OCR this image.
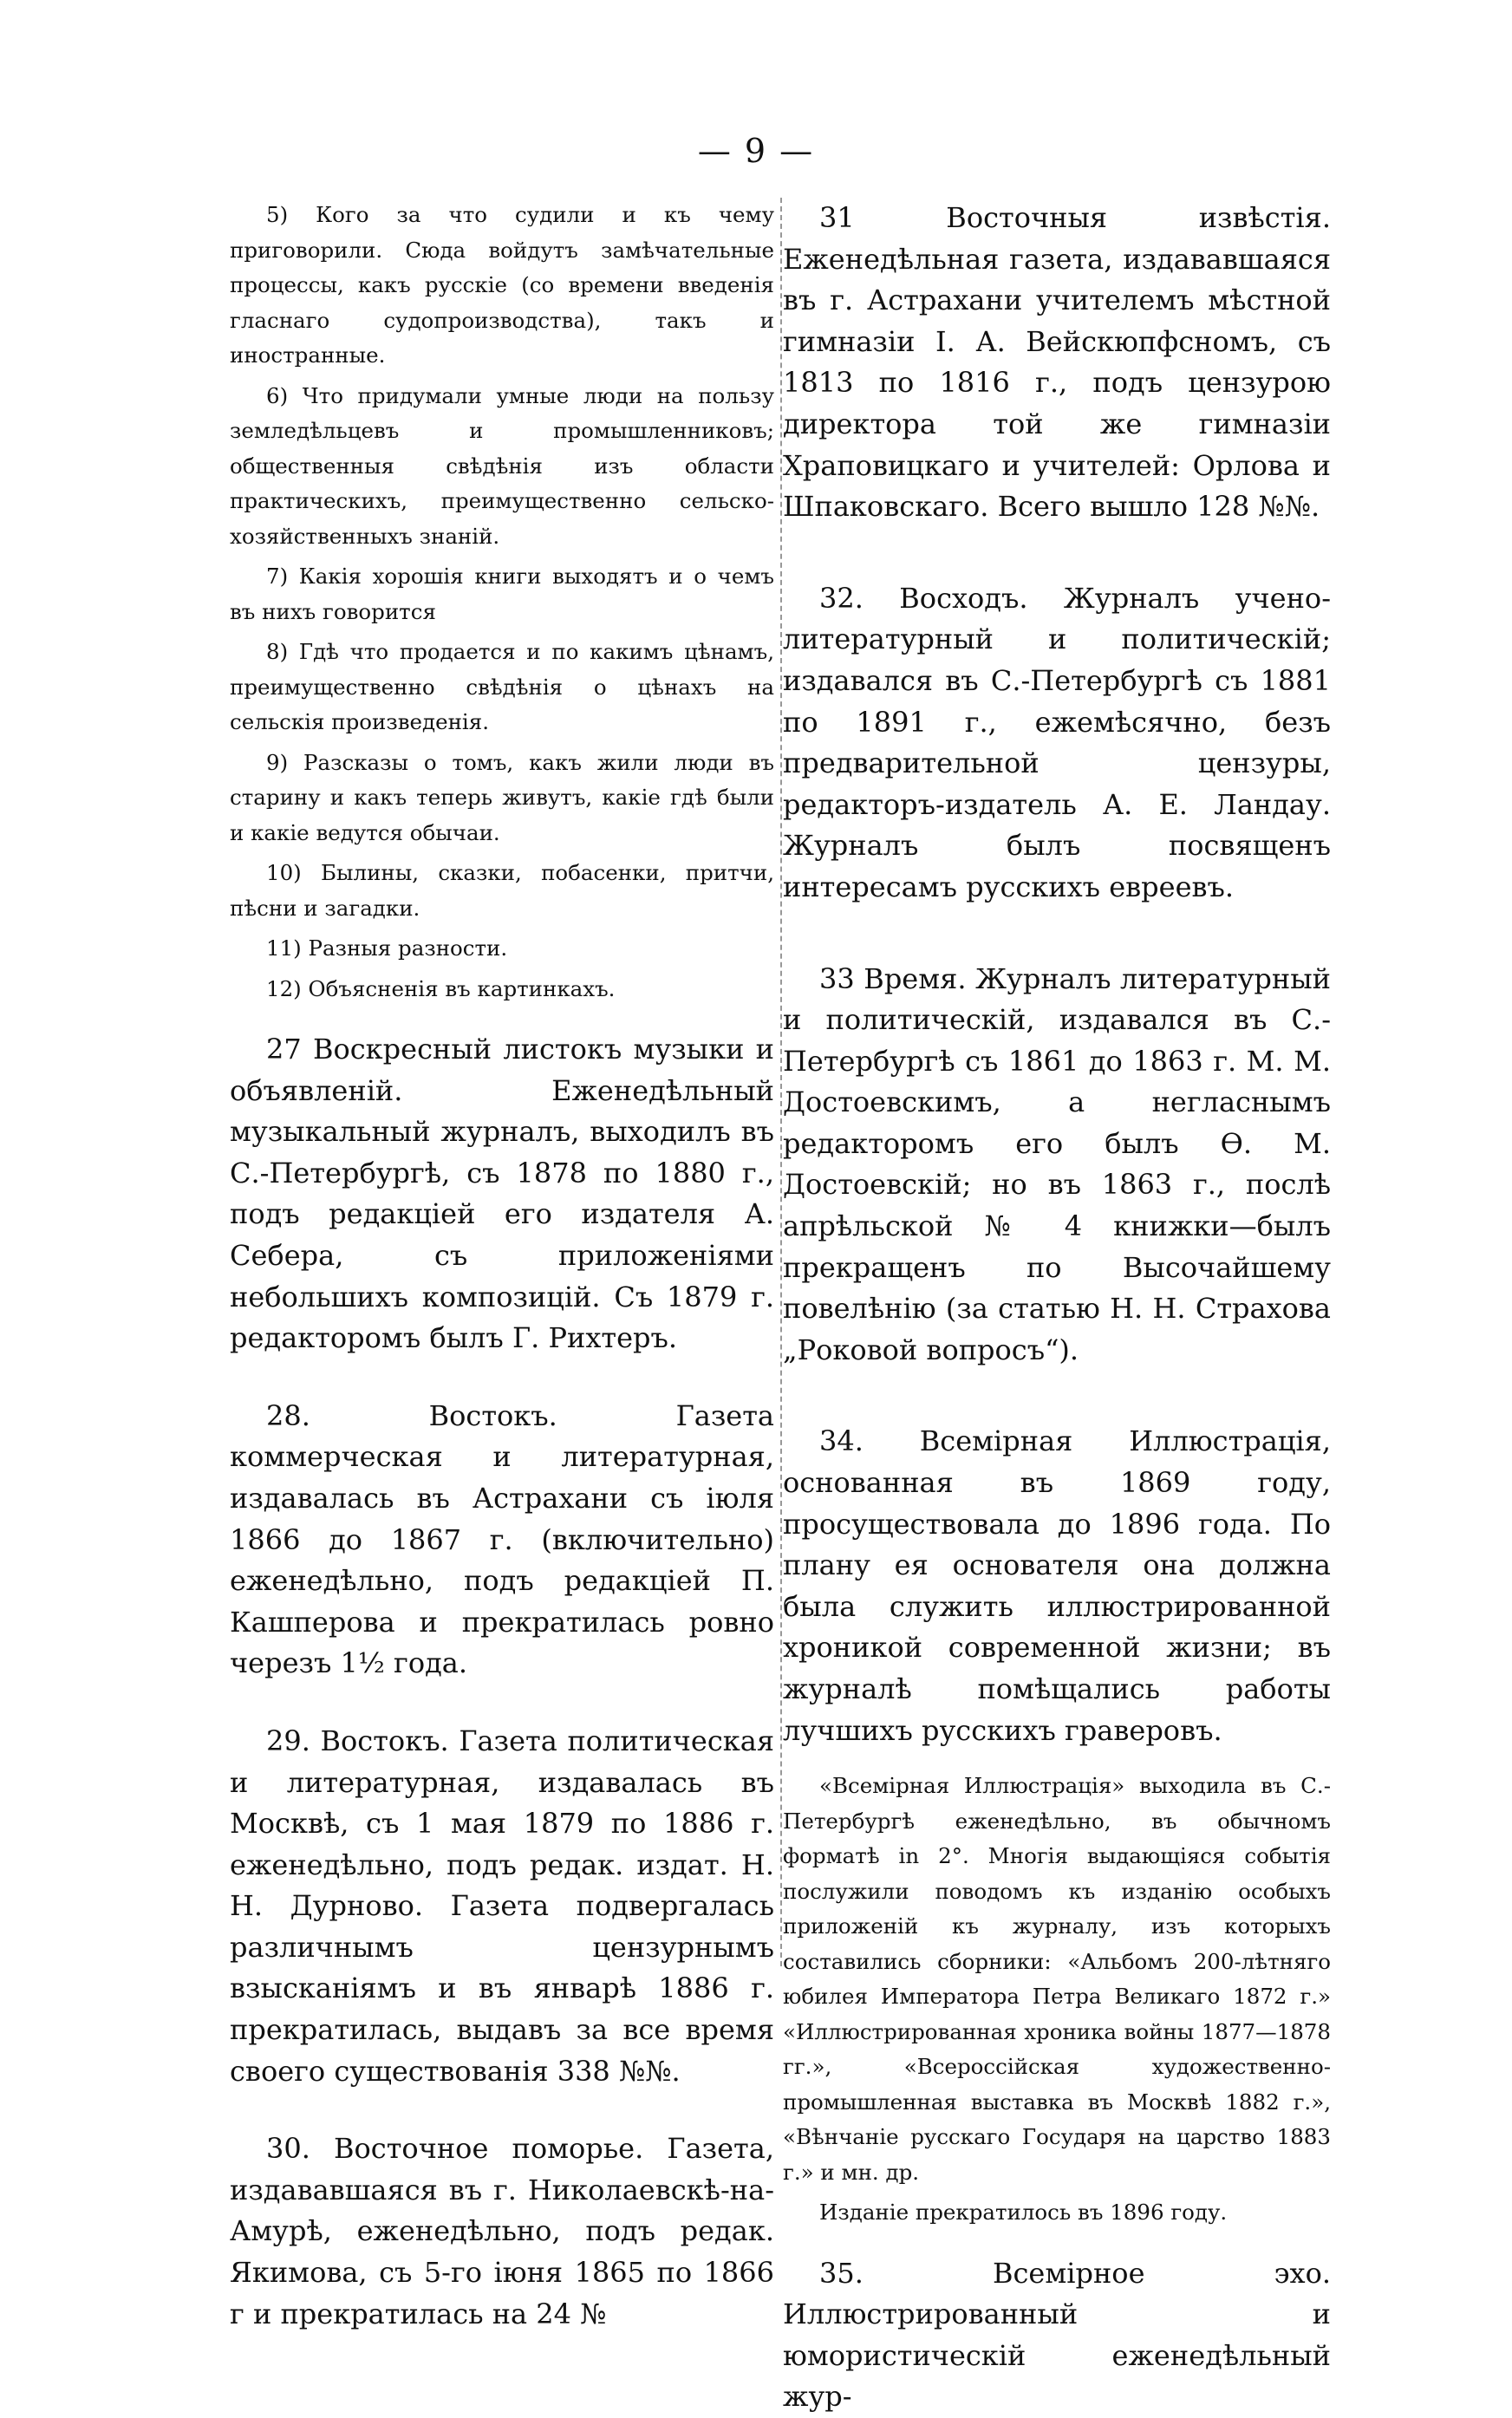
— 9 —

5) Кого за что судили и къ чему приговорили. Сюда войдутъ замѣчательные процессы, какъ русскіе (со времени введенія гласнаго судопроизводства), такъ и иностранные.

6) Что придумали умные люди на пользу земледѣльцевъ и промышленниковъ; общественныя свѣдѣнія изъ области практическихъ, преимущественно сельско-хозяйственныхъ знаній.

7) Какія хорошія книги выходятъ и о чемъ въ нихъ говорится

8) Гдѣ что продается и по какимъ цѣнамъ, преимущественно свѣдѣнія о цѣнахъ на сельскія произведенія.

9) Разсказы о томъ, какъ жили люди въ старину и какъ теперь живутъ, какіе гдѣ были и какіе ведутся обычаи.

10) Былины, сказки, побасенки, притчи, пѣсни и загадки.

11) Разныя разности.

12) Объясненія въ картинкахъ.

27 Воскресный листокъ музыки и объявленій. Еженедѣльный музыкальный журналъ, выходилъ въ С.-Петербургѣ, съ 1878 по 1880 г., подъ редакціей его издателя А. Себера, съ приложеніями небольшихъ композицій. Съ 1879 г. редакторомъ былъ Г. Рихтеръ.

28. Востокъ. Газета коммерческая и литературная, издавалась въ Астрахани съ іюля 1866 до 1867 г. (включительно) еженедѣльно, подъ редакціей П. Кашперова и прекратилась ровно черезъ 1½ года.

29. Востокъ. Газета политическая и литературная, издавалась въ Москвѣ, съ 1 мая 1879 по 1886 г. еженедѣльно, подъ редак. издат. Н. Н. Дурново. Газета подвергалась различнымъ цензурнымъ взысканіямъ и въ январѣ 1886 г. прекратилась, выдавъ за все время своего существованія 338 №№.

30. Восточное поморье. Газета, издававшаяся въ г. Николаевскѣ-на-Амурѣ, еженедѣльно, подъ редак. Якимова, съ 5-го іюня 1865 по 1866 г и прекратилась на 24 №

31 Восточныя извѣстія. Еженедѣльная газета, издававшаяся въ г. Астрахани учителемъ мѣстной гимназіи І. А. Вейскюпфсномъ, съ 1813 по 1816 г., подъ цензурою директора той же гимназіи Храповицкаго и учителей: Орлова и Шпаковскаго. Всего вышло 128 №№.

32. Восходъ. Журналъ учено-литературный и политическій; издавался въ С.-Петербургѣ съ 1881 по 1891 г., ежемѣсячно, безъ предварительной цензуры, редакторъ-издатель А. Е. Ландау. Журналъ былъ посвященъ интересамъ русскихъ евреевъ.

33 Время. Журналъ литературный и политическій, издавался въ С.-Петербургѣ съ 1861 до 1863 г. М. М. Достоевскимъ, а негласнымъ редакторомъ его былъ Ѳ. М. Достоевскій; но въ 1863 г., послѣ апрѣльской № 4 книжки—былъ прекращенъ по Высочайшему повелѣнію (за статью Н. Н. Страхова „Роковой вопросъ“).

34. Всемірная Иллюстрація, основанная въ 1869 году, просуществовала до 1896 года. По плану ея основателя она должна была служить иллюстрированной хроникой современной жизни; въ журналѣ помѣщались работы лучшихъ русскихъ граверовъ.

«Всемірная Иллюстрація» выходила въ С.-Петербургѣ еженедѣльно, въ обычномъ форматѣ in 2°. Многія выдающіяся событія послужили поводомъ къ изданію особыхъ приложеній къ журналу, изъ которыхъ составились сборники: «Альбомъ 200-лѣтняго юбилея Императора Петра Великаго 1872 г.» «Иллюстрированная хроника войны 1877—1878 гг.», «Всероссійская художественно-промышленная выставка въ Москвѣ 1882 г.», «Вѣнчаніе русскаго Государя на царство 1883 г.» и мн. др.

Изданіе прекратилось въ 1896 году.

35. Всемірное эхо. Иллюстрированный и юмористическій еженедѣльный жур-
